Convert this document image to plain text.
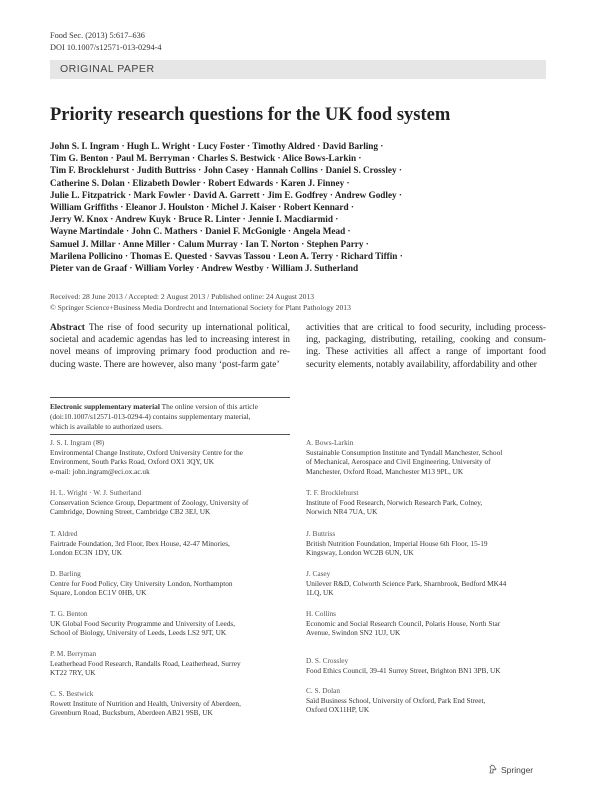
Food Sec. (2013) 5:617–636
DOI 10.1007/s12571-013-0294-4
ORIGINAL PAPER
Priority research questions for the UK food system
John S. I. Ingram · Hugh L. Wright · Lucy Foster · Timothy Aldred · David Barling ·
Tim G. Benton · Paul M. Berryman · Charles S. Bestwick · Alice Bows-Larkin ·
Tim F. Brocklehurst · Judith Buttriss · John Casey · Hannah Collins · Daniel S. Crossley ·
Catherine S. Dolan · Elizabeth Dowler · Robert Edwards · Karen J. Finney ·
Julie L. Fitzpatrick · Mark Fowler · David A. Garrett · Jim E. Godfrey · Andrew Godley ·
William Griffiths · Eleanor J. Houlston · Michel J. Kaiser · Robert Kennard ·
Jerry W. Knox · Andrew Kuyk · Bruce R. Linter · Jennie I. Macdiarmid ·
Wayne Martindale · John C. Mathers · Daniel F. McGonigle · Angela Mead ·
Samuel J. Millar · Anne Miller · Calum Murray · Ian T. Norton · Stephen Parry ·
Marilena Pollicino · Thomas E. Quested · Savvas Tassou · Leon A. Terry · Richard Tiffin ·
Pieter van de Graaf · William Vorley · Andrew Westby · William J. Sutherland
Received: 28 June 2013 / Accepted: 2 August 2013 / Published online: 24 August 2013
© Springer Science+Business Media Dordrecht and International Society for Plant Pathology 2013
Abstract The rise of food security up international political,
societal and academic agendas has led to increasing interest in
novel means of improving primary food production and re-
ducing waste. There are however, also many ‘post-farm gate’
activities that are critical to food security, including process-
ing, packaging, distributing, retailing, cooking and consum-
ing. These activities all affect a range of important food
security elements, notably availability, affordability and other
Electronic supplementary material The online version of this article
(doi:10.1007/s12571-013-0294-4) contains supplementary material,
which is available to authorized users.
J. S. I. Ingram (✉)
Environmental Change Institute, Oxford University Centre for the
Environment, South Parks Road, Oxford OX1 3QY, UK
e-mail: john.ingram@eci.ox.ac.uk
H. L. Wright · W. J. Sutherland
Conservation Science Group, Department of Zoology, University of
Cambridge, Downing Street, Cambridge CB2 3EJ, UK
T. Aldred
Fairtrade Foundation, 3rd Floor, Ibex House, 42-47 Minories,
London EC3N 1DY, UK
D. Barling
Centre for Food Policy, City University London, Northampton
Square, London EC1V 0HB, UK
T. G. Benton
UK Global Food Security Programme and University of Leeds,
School of Biology, University of Leeds, Leeds LS2 9JT, UK
P. M. Berryman
Leatherhead Food Research, Randalls Road, Leatherhead, Surrey
KT22 7RY, UK
C. S. Bestwick
Rowett Institute of Nutrition and Health, University of Aberdeen,
Greenburn Road, Bucksburn, Aberdeen AB21 9SB, UK
A. Bows-Larkin
Sustainable Consumption Institute and Tyndall Manchester, School
of Mechanical, Aerospace and Civil Engineering, University of
Manchester, Oxford Road, Manchester M13 9PL, UK
T. F. Brocklehurst
Institute of Food Research, Norwich Research Park, Colney,
Norwich NR4 7UA, UK
J. Buttriss
British Nutrition Foundation, Imperial House 6th Floor, 15-19
Kingsway, London WC2B 6UN, UK
J. Casey
Unilever R&D, Colworth Science Park, Sharnbrook, Bedford MK44
1LQ, UK
H. Collins
Economic and Social Research Council, Polaris House, North Star
Avenue, Swindon SN2 1UJ, UK
D. S. Crossley
Food Ethics Council, 39-41 Surrey Street, Brighton BN1 3PB, UK
C. S. Dolan
Saïd Business School, University of Oxford, Park End Street,
Oxford OX11HP, UK
Springer
